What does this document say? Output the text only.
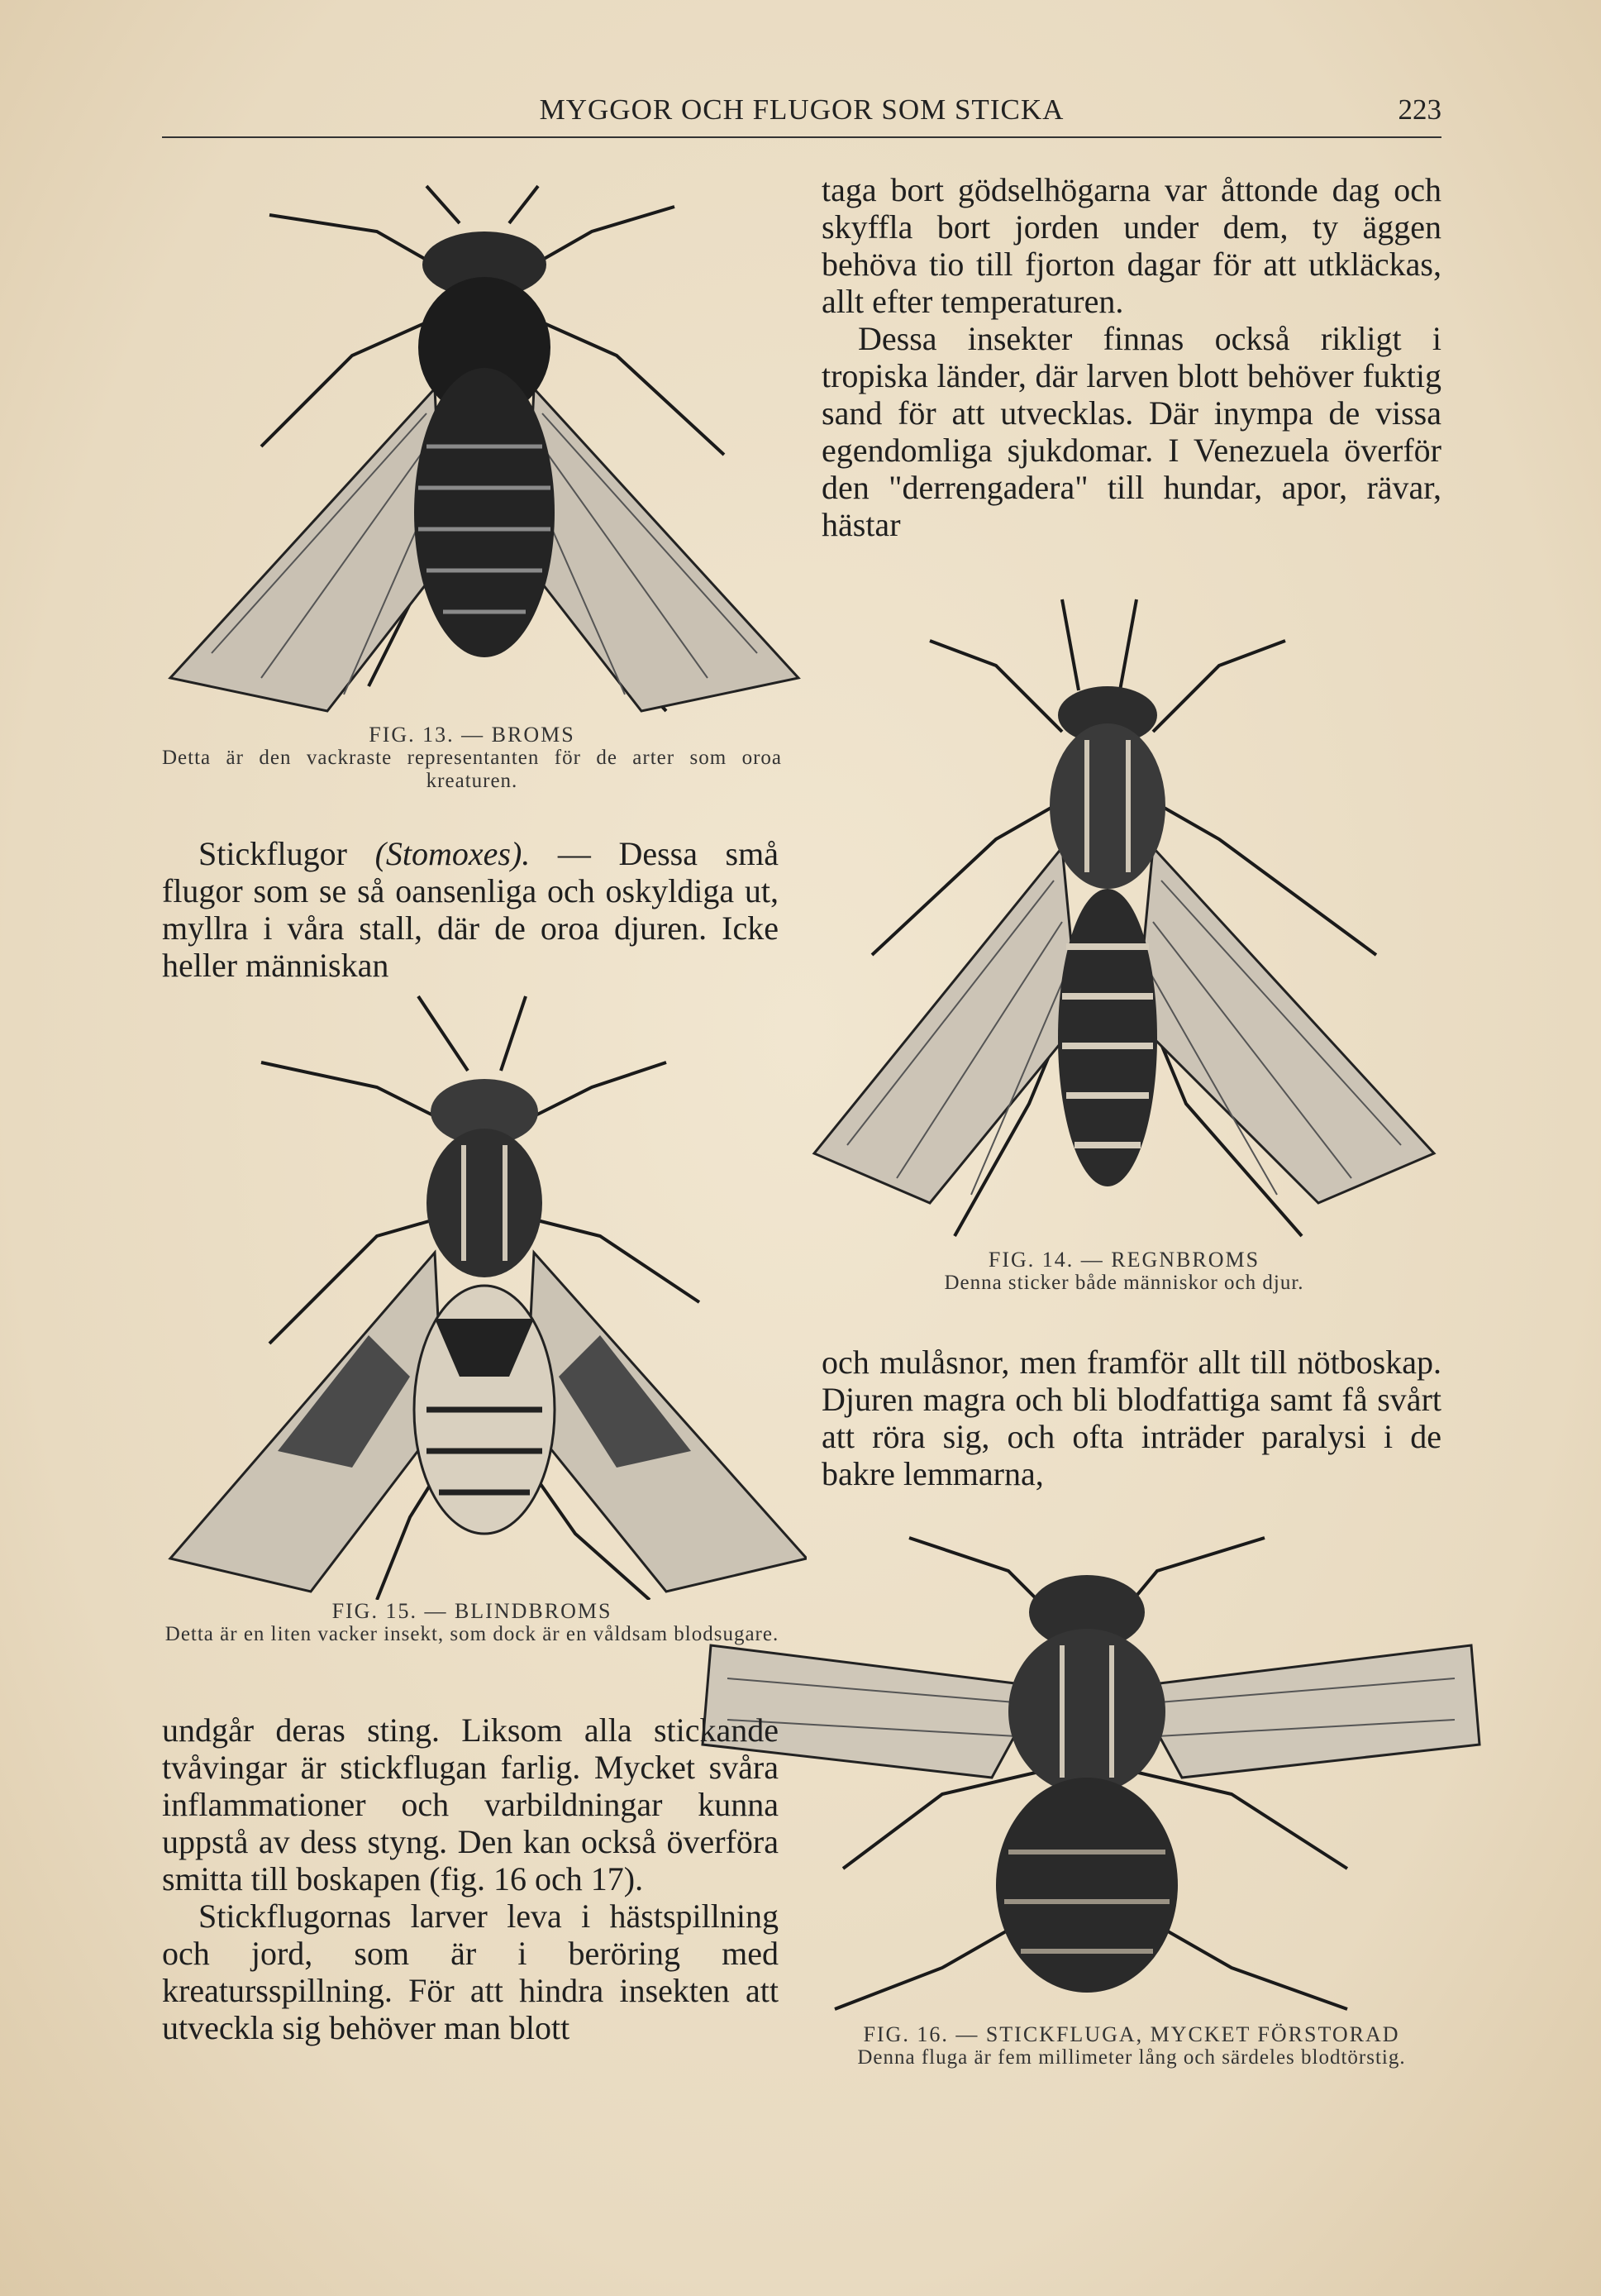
MYGGOR OCH FLUGOR SOM STICKA	223

taga bort gödselhögarna var åttonde dag och skyffla bort jorden under dem, ty äggen behöva tio till fjorton dagar för att utkläckas, allt efter temperaturen.

Dessa insekter finnas också rikligt i tropiska länder, där larven blott behöver fuktig sand för att utvecklas. Där inympa de vissa egendomliga sjukdomar. I Venezuela överför den "derrengadera" till hundar, apor, rävar, hästar

FIG. 13. — BROMS
Detta är den vackraste representanten för de arter som oroa kreaturen.

Stickflugor (Stomoxes). — Dessa små flugor som se så oansenliga och oskyldiga ut, myllra i våra stall, där de oroa djuren. Icke heller människan

FIG. 14. — REGNBROMS
Denna sticker både människor och djur.

och mulåsnor, men framför allt till nötboskap. Djuren magra och bli blodfattiga samt få svårt att röra sig, och ofta inträder paralysi i de bakre lemmarna,

FIG. 15. — BLINDBROMS
Detta är en liten vacker insekt, som dock är en våldsam blodsugare.
FIG. 16. — STICKFLUGA, MYCKET FÖRSTORAD
Denna fluga är fem millimeter lång och särdeles blodtörstig.

undgår deras sting. Liksom alla stickande tvåvingar är stickflugan farlig. Mycket svåra inflammationer och varbildningar kunna uppstå av dess styng. Den kan också överföra smitta till boskapen (fig. 16 och 17).

Stickflugornas larver leva i hästspillning och jord, som är i beröring med kreatursspillning. För att hindra insekten att utveckla sig behöver man blott
